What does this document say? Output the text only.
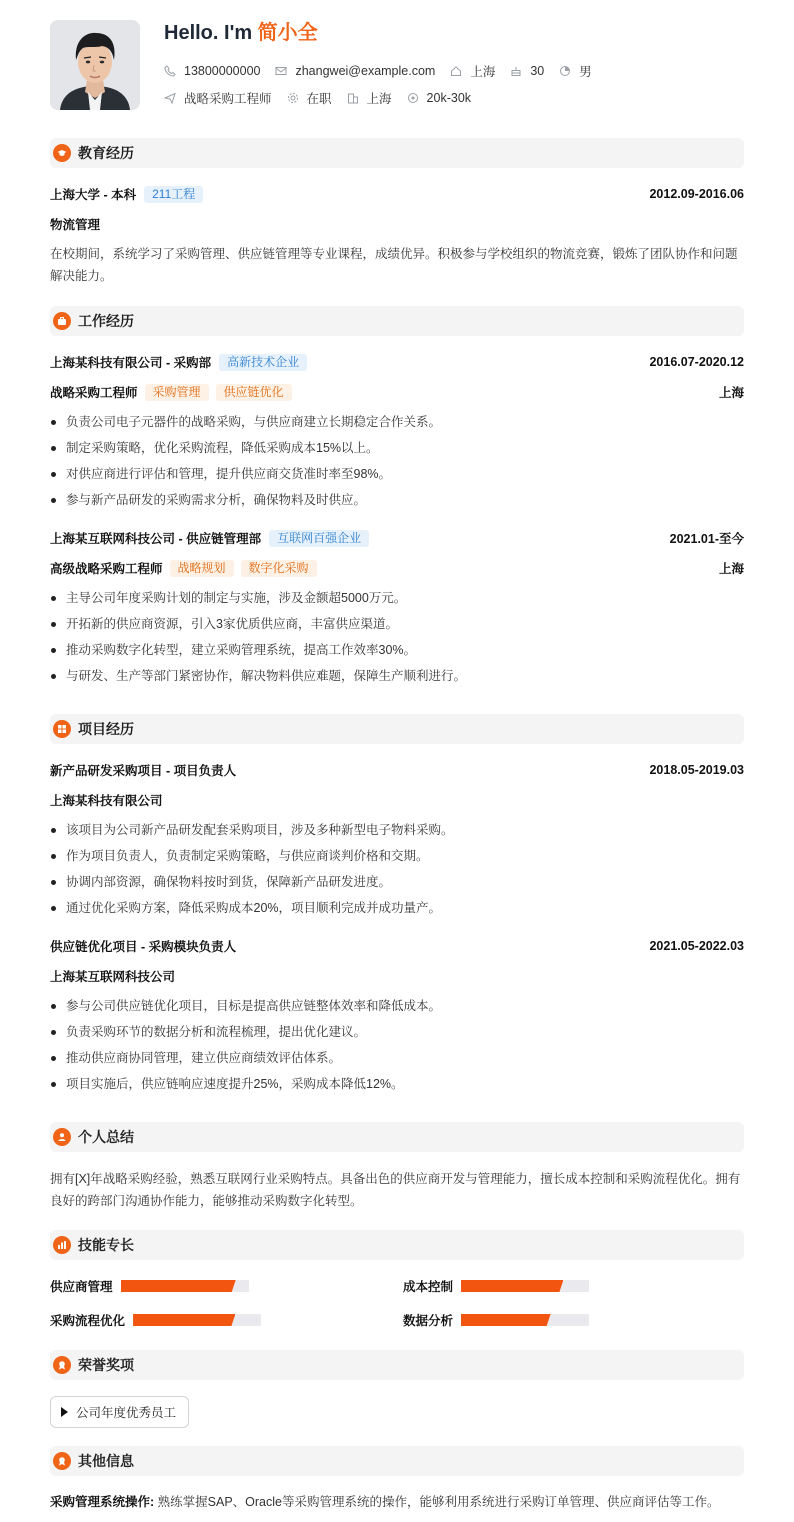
Hello. I'm 简小全
13800000000	zhangwei@example.com	上海	30	男
战略采购工程师	在职	上海	20k-30k
教育经历
上海大学 - 本科	211工程	2012.09-2016.06
物流管理
在校期间，系统学习了采购管理、供应链管理等专业课程，成绩优异。积极参与学校组织的物流竞赛，锻炼了团队协作和问题解决能力。
工作经历
上海某科技有限公司 - 采购部	高新技术企业	2016.07-2020.12
战略采购工程师	采购管理	供应链优化	上海
负责公司电子元器件的战略采购，与供应商建立长期稳定合作关系。
制定采购策略，优化采购流程，降低采购成本15%以上。
对供应商进行评估和管理，提升供应商交货准时率至98%。
参与新产品研发的采购需求分析，确保物料及时供应。
上海某互联网科技公司 - 供应链管理部	互联网百强企业	2021.01-至今
高级战略采购工程师	战略规划	数字化采购	上海
主导公司年度采购计划的制定与实施，涉及金额超5000万元。
开拓新的供应商资源，引入3家优质供应商，丰富供应渠道。
推动采购数字化转型，建立采购管理系统，提高工作效率30%。
与研发、生产等部门紧密协作，解决物料供应难题，保障生产顺利进行。
项目经历
新产品研发采购项目 - 项目负责人	2018.05-2019.03
上海某科技有限公司
该项目为公司新产品研发配套采购项目，涉及多种新型电子物料采购。
作为项目负责人，负责制定采购策略，与供应商谈判价格和交期。
协调内部资源，确保物料按时到货，保障新产品研发进度。
通过优化采购方案，降低采购成本20%，项目顺利完成并成功量产。
供应链优化项目 - 采购模块负责人	2021.05-2022.03
上海某互联网科技公司
参与公司供应链优化项目，目标是提高供应链整体效率和降低成本。
负责采购环节的数据分析和流程梳理，提出优化建议。
推动供应商协同管理，建立供应商绩效评估体系。
项目实施后，供应链响应速度提升25%，采购成本降低12%。
个人总结
拥有[X]年战略采购经验，熟悉互联网行业采购特点。具备出色的供应商开发与管理能力，擅长成本控制和采购流程优化。拥有良好的跨部门沟通协作能力，能够推动采购数字化转型。
技能专长
供应商管理	成本控制
采购流程优化	数据分析
荣誉奖项
公司年度优秀员工
其他信息
采购管理系统操作: 熟练掌握SAP、Oracle等采购管理系统的操作，能够利用系统进行采购订单管理、供应商评估等工作。
